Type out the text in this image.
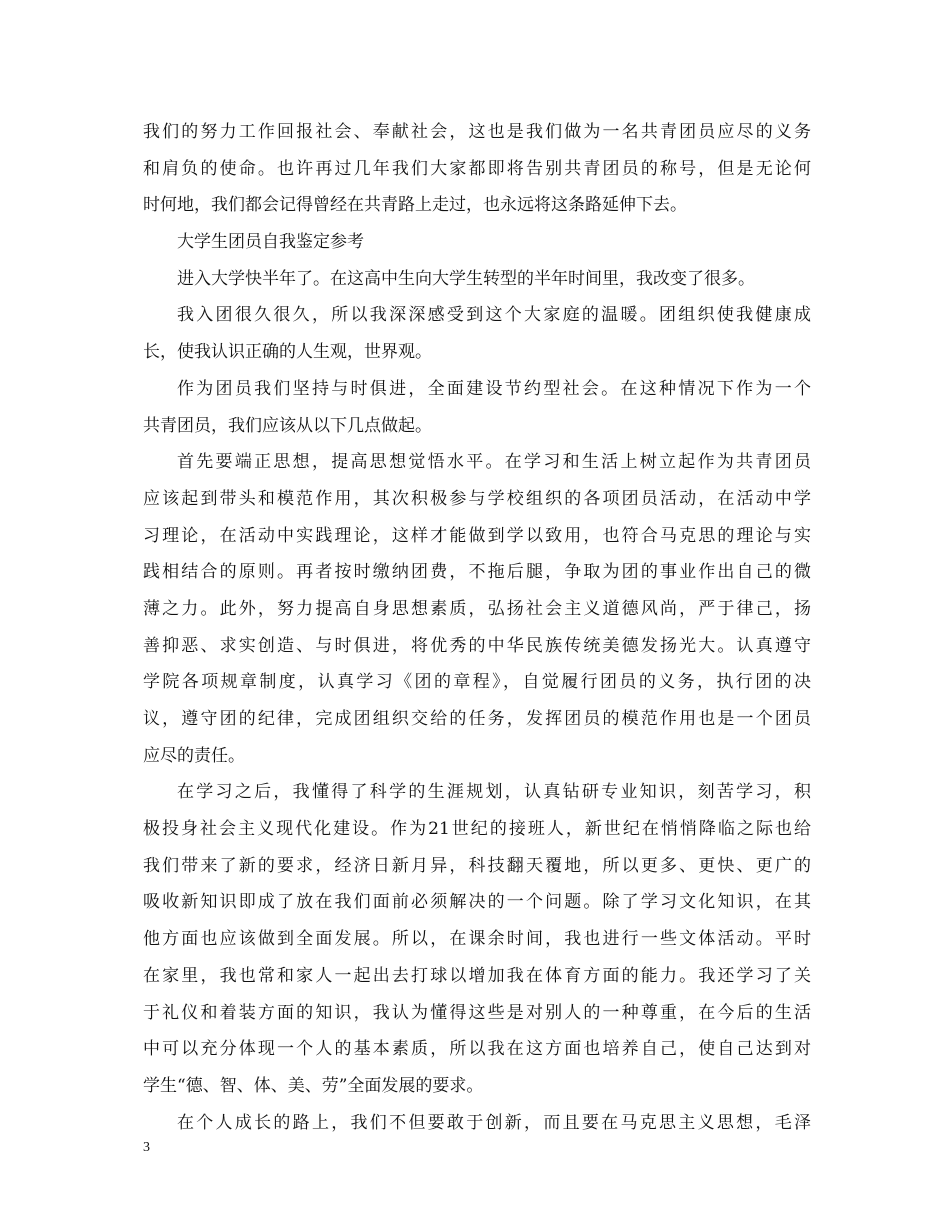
我们的努力工作回报社会、奉献社会，这也是我们做为一名共青团员应尽的义务
和肩负的使命。也许再过几年我们大家都即将告别共青团员的称号，但是无论何
时何地，我们都会记得曾经在共青路上走过，也永远将这条路延伸下去。
大学生团员自我鉴定参考
进入大学快半年了。在这高中生向大学生转型的半年时间里，我改变了很多。
我入团很久很久，所以我深深感受到这个大家庭的温暖。团组织使我健康成
长，使我认识正确的人生观，世界观。
作为团员我们坚持与时俱进，全面建设节约型社会。在这种情况下作为一个
共青团员，我们应该从以下几点做起。
首先要端正思想，提高思想觉悟水平。在学习和生活上树立起作为共青团员
应该起到带头和模范作用，其次积极参与学校组织的各项团员活动，在活动中学
习理论，在活动中实践理论，这样才能做到学以致用，也符合马克思的理论与实
践相结合的原则。再者按时缴纳团费，不拖后腿，争取为团的事业作出自己的微
薄之力。此外，努力提高自身思想素质，弘扬社会主义道德风尚，严于律己，扬
善抑恶、求实创造、与时俱进，将优秀的中华民族传统美德发扬光大。认真遵守
学院各项规章制度，认真学习《团的章程》，自觉履行团员的义务，执行团的决
议，遵守团的纪律，完成团组织交给的任务，发挥团员的模范作用也是一个团员
应尽的责任。
在学习之后，我懂得了科学的生涯规划，认真钻研专业知识，刻苦学习，积
极投身社会主义现代化建设。作为21世纪的接班人，新世纪在悄悄降临之际也给
我们带来了新的要求，经济日新月异，科技翻天覆地，所以更多、更快、更广的
吸收新知识即成了放在我们面前必须解决的一个问题。除了学习文化知识，在其
他方面也应该做到全面发展。所以，在课余时间，我也进行一些文体活动。平时
在家里，我也常和家人一起出去打球以增加我在体育方面的能力。我还学习了关
于礼仪和着装方面的知识，我认为懂得这些是对别人的一种尊重，在今后的生活
中可以充分体现一个人的基本素质，所以我在这方面也培养自己，使自己达到对
学生“德、智、体、美、劳”全面发展的要求。
在个人成长的路上，我们不但要敢于创新，而且要在马克思主义思想，毛泽
3
